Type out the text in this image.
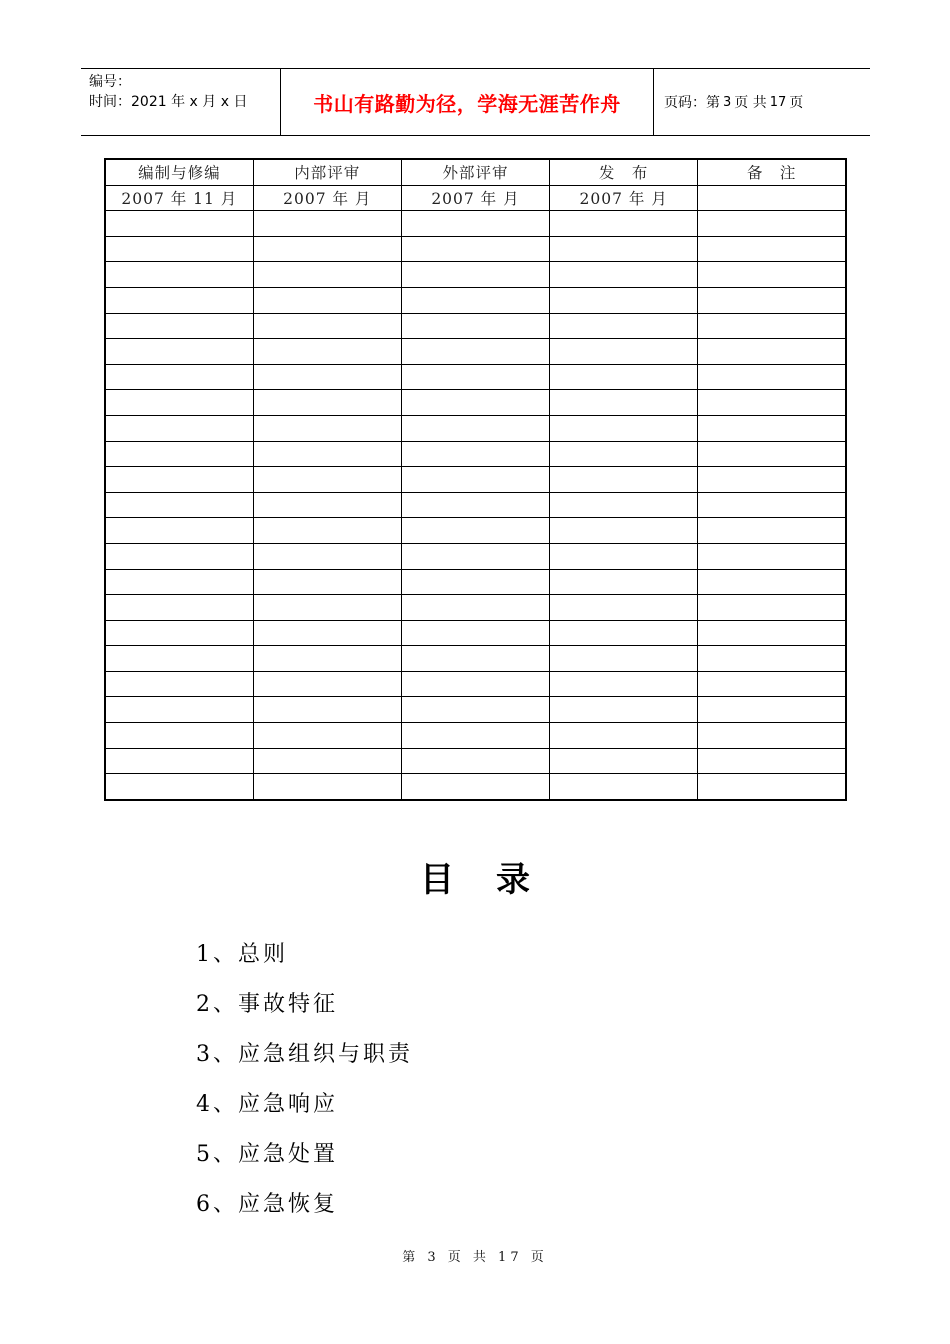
编号：
时间：2021 年 x 月 x 日	书山有路勤为径，学海无涯苦作舟	页码：第 3 页 共 17 页
编制与修编	内部评审	外部评审	发　布	备　注
2007 年 11 月	2007 年 月	2007 年 月	2007 年 月	

目录
1、总则
2、事故特征
3、应急组织与职责
4、应急响应
5、应急处置
6、应急恢复
第 3 页 共 17 页
